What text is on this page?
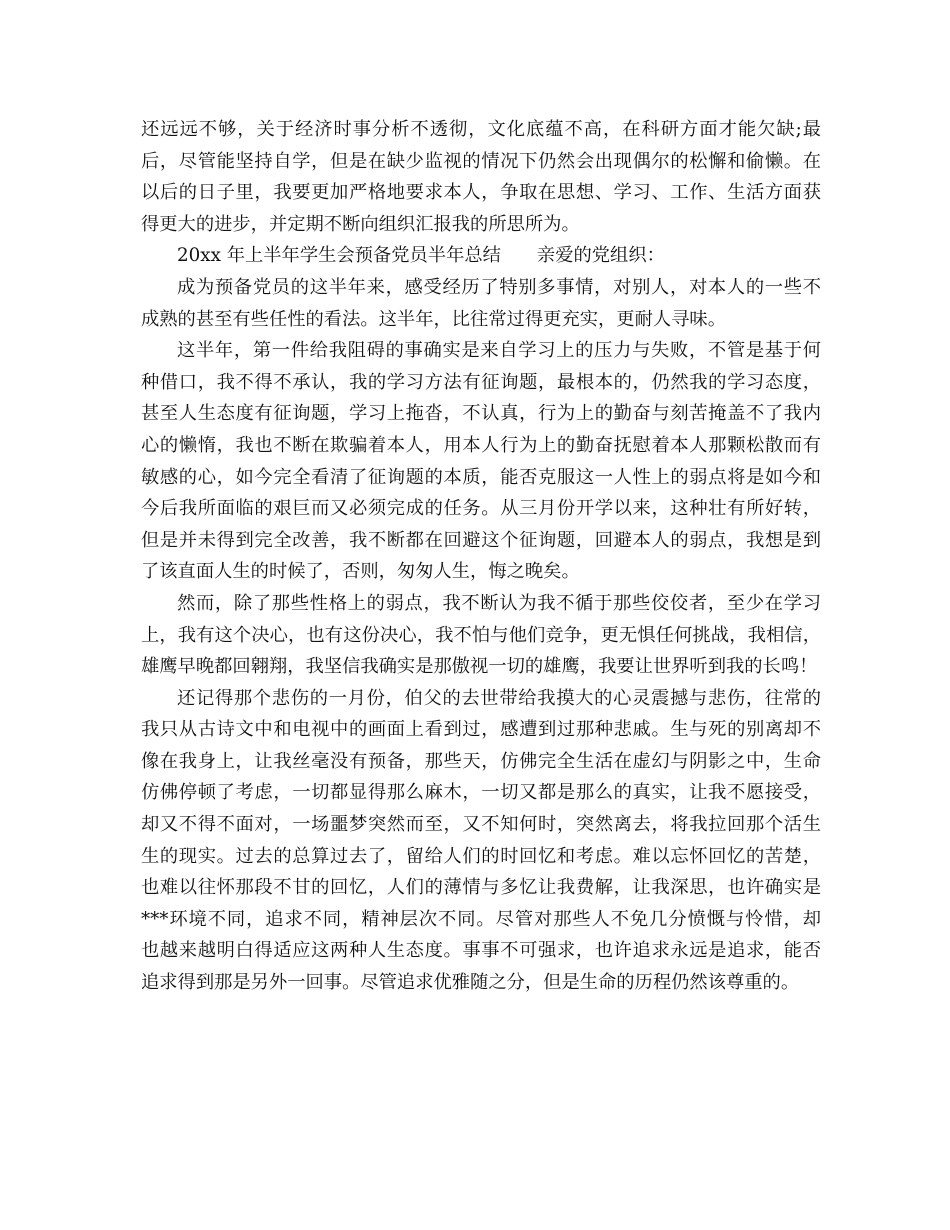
还远远不够，关于经济时事分析不透彻，文化底蕴不高，在科研方面才能欠缺;最
后，尽管能坚持自学，但是在缺少监视的情况下仍然会出现偶尔的松懈和偷懒。在
以后的日子里，我要更加严格地要求本人，争取在思想、学习、工作、生活方面获
得更大的进步，并定期不断向组织汇报我的所思所为。
20xx 年上半年学生会预备党员半年总结 亲爱的党组织：
成为预备党员的这半年来，感受经历了特别多事情，对别人，对本人的一些不
成熟的甚至有些任性的看法。这半年，比往常过得更充实，更耐人寻味。
这半年，第一件给我阻碍的事确实是来自学习上的压力与失败，不管是基于何
种借口，我不得不承认，我的学习方法有征询题，最根本的，仍然我的学习态度，
甚至人生态度有征询题，学习上拖沓，不认真，行为上的勤奋与刻苦掩盖不了我内
心的懒惰，我也不断在欺骗着本人，用本人行为上的勤奋抚慰着本人那颗松散而有
敏感的心，如今完全看清了征询题的本质，能否克服这一人性上的弱点将是如今和
今后我所面临的艰巨而又必须完成的任务。从三月份开学以来，这种壮有所好转，
但是并未得到完全改善，我不断都在回避这个征询题，回避本人的弱点，我想是到
了该直面人生的时候了，否则，匆匆人生，悔之晚矣。
然而，除了那些性格上的弱点，我不断认为我不循于那些佼佼者，至少在学习
上，我有这个决心，也有这份决心，我不怕与他们竞争，更无惧任何挑战，我相信，
雄鹰早晚都回翱翔，我坚信我确实是那傲视一切的雄鹰，我要让世界听到我的长鸣！
还记得那个悲伤的一月份，伯父的去世带给我摸大的心灵震撼与悲伤，往常的
我只从古诗文中和电视中的画面上看到过，感遭到过那种悲戚。生与死的别离却不
像在我身上，让我丝毫没有预备，那些天，仿佛完全生活在虚幻与阴影之中，生命
仿佛停顿了考虑，一切都显得那么麻木，一切又都是那么的真实，让我不愿接受，
却又不得不面对，一场噩梦突然而至，又不知何时，突然离去，将我拉回那个活生
生的现实。过去的总算过去了，留给人们的时回忆和考虑。难以忘怀回忆的苦楚，
也难以往怀那段不甘的回忆，人们的薄情与多忆让我费解，让我深思，也许确实是
***环境不同，追求不同，精神层次不同。尽管对那些人不免几分愤慨与怜惜，却
也越来越明白得适应这两种人生态度。事事不可强求，也许追求永远是追求，能否
追求得到那是另外一回事。尽管追求优雅随之分，但是生命的历程仍然该尊重的。
